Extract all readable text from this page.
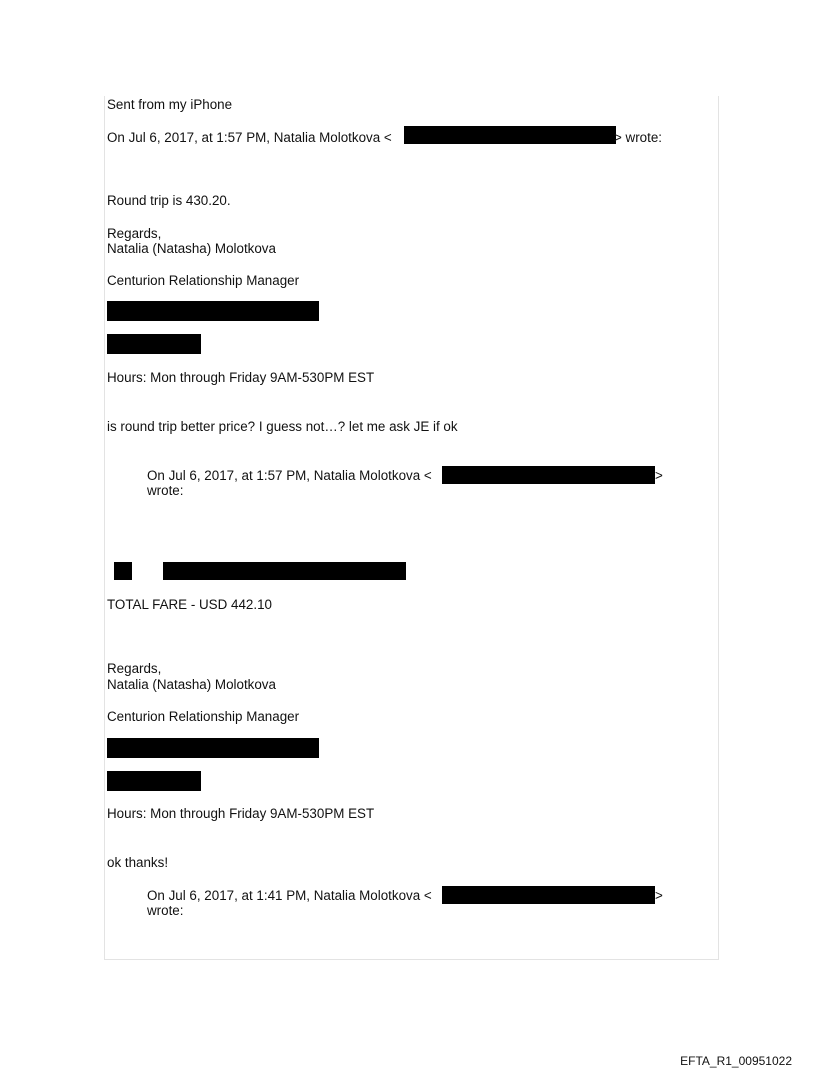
Sent from my iPhone
On Jul 6, 2017, at 1:57 PM, Natalia Molotkova <	> wrote:
Round trip is 430.20.
Regards,
Natalia (Natasha) Molotkova
Centurion Relationship Manager
Hours: Mon through Friday 9AM-530PM EST
is round trip better price? I guess not…? let me ask JE if ok
On Jul 6, 2017, at 1:57 PM, Natalia Molotkova <	>
wrote:
TOTAL FARE - USD 442.10
Regards,
Natalia (Natasha) Molotkova
Centurion Relationship Manager
Hours: Mon through Friday 9AM-530PM EST
ok thanks!
On Jul 6, 2017, at 1:41 PM, Natalia Molotkova <	>
wrote:
EFTA_R1_00951022
